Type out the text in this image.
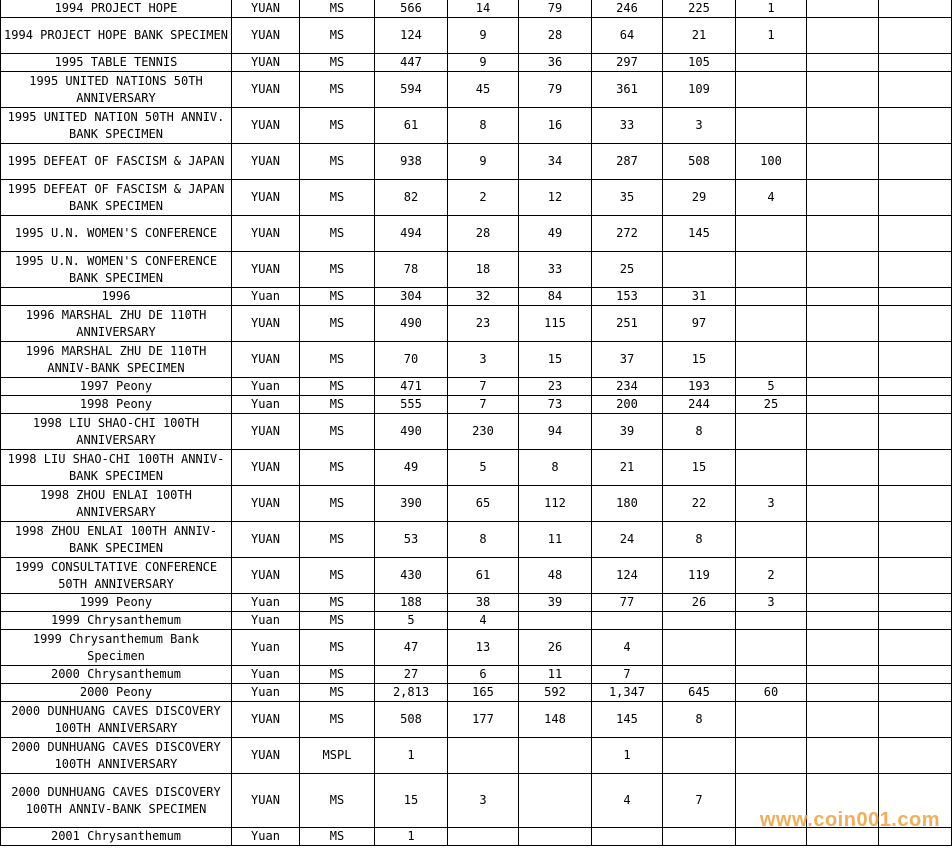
1994 PROJECT HOPE	YUAN	MS	566	14	79	246	225	1		
1994 PROJECT HOPE BANK SPECIMEN	YUAN	MS	124	9	28	64	21	1		
1995 TABLE TENNIS	YUAN	MS	447	9	36	297	105			
1995 UNITED NATIONS 50TH ANNIVERSARY	YUAN	MS	594	45	79	361	109			
1995 UNITED NATION 50TH ANNIV. BANK SPECIMEN	YUAN	MS	61	8	16	33	3			
1995 DEFEAT OF FASCISM & JAPAN	YUAN	MS	938	9	34	287	508	100		
1995 DEFEAT OF FASCISM & JAPAN BANK SPECIMEN	YUAN	MS	82	2	12	35	29	4		
1995 U.N. WOMEN'S CONFERENCE	YUAN	MS	494	28	49	272	145			
1995 U.N. WOMEN'S CONFERENCE BANK SPECIMEN	YUAN	MS	78	18	33	25				
1996	Yuan	MS	304	32	84	153	31			
1996 MARSHAL ZHU DE 110TH ANNIVERSARY	YUAN	MS	490	23	115	251	97			
1996 MARSHAL ZHU DE 110TH ANNIV-BANK SPECIMEN	YUAN	MS	70	3	15	37	15			
1997 Peony	Yuan	MS	471	7	23	234	193	5		
1998 Peony	Yuan	MS	555	7	73	200	244	25		
1998 LIU SHAO-CHI 100TH ANNIVERSARY	YUAN	MS	490	230	94	39	8			
1998 LIU SHAO-CHI 100TH ANNIV-BANK SPECIMEN	YUAN	MS	49	5	8	21	15			
1998 ZHOU ENLAI 100TH ANNIVERSARY	YUAN	MS	390	65	112	180	22	3		
1998 ZHOU ENLAI 100TH ANNIV-BANK SPECIMEN	YUAN	MS	53	8	11	24	8			
1999 CONSULTATIVE CONFERENCE 50TH ANNIVERSARY	YUAN	MS	430	61	48	124	119	2		
1999 Peony	Yuan	MS	188	38	39	77	26	3		
1999 Chrysanthemum	Yuan	MS	5	4						
1999 Chrysanthemum Bank Specimen	Yuan	MS	47	13	26	4				
2000 Chrysanthemum	Yuan	MS	27	6	11	7				
2000 Peony	Yuan	MS	2,813	165	592	1,347	645	60		
2000 DUNHUANG CAVES DISCOVERY 100TH ANNIVERSARY	YUAN	MS	508	177	148	145	8			
2000 DUNHUANG CAVES DISCOVERY 100TH ANNIVERSARY	YUAN	MSPL	1			1				
2000 DUNHUANG CAVES DISCOVERY 100TH ANNIV-BANK SPECIMEN	YUAN	MS	15	3		4	7			
2001 Chrysanthemum	Yuan	MS	1							
www.coin001.com
